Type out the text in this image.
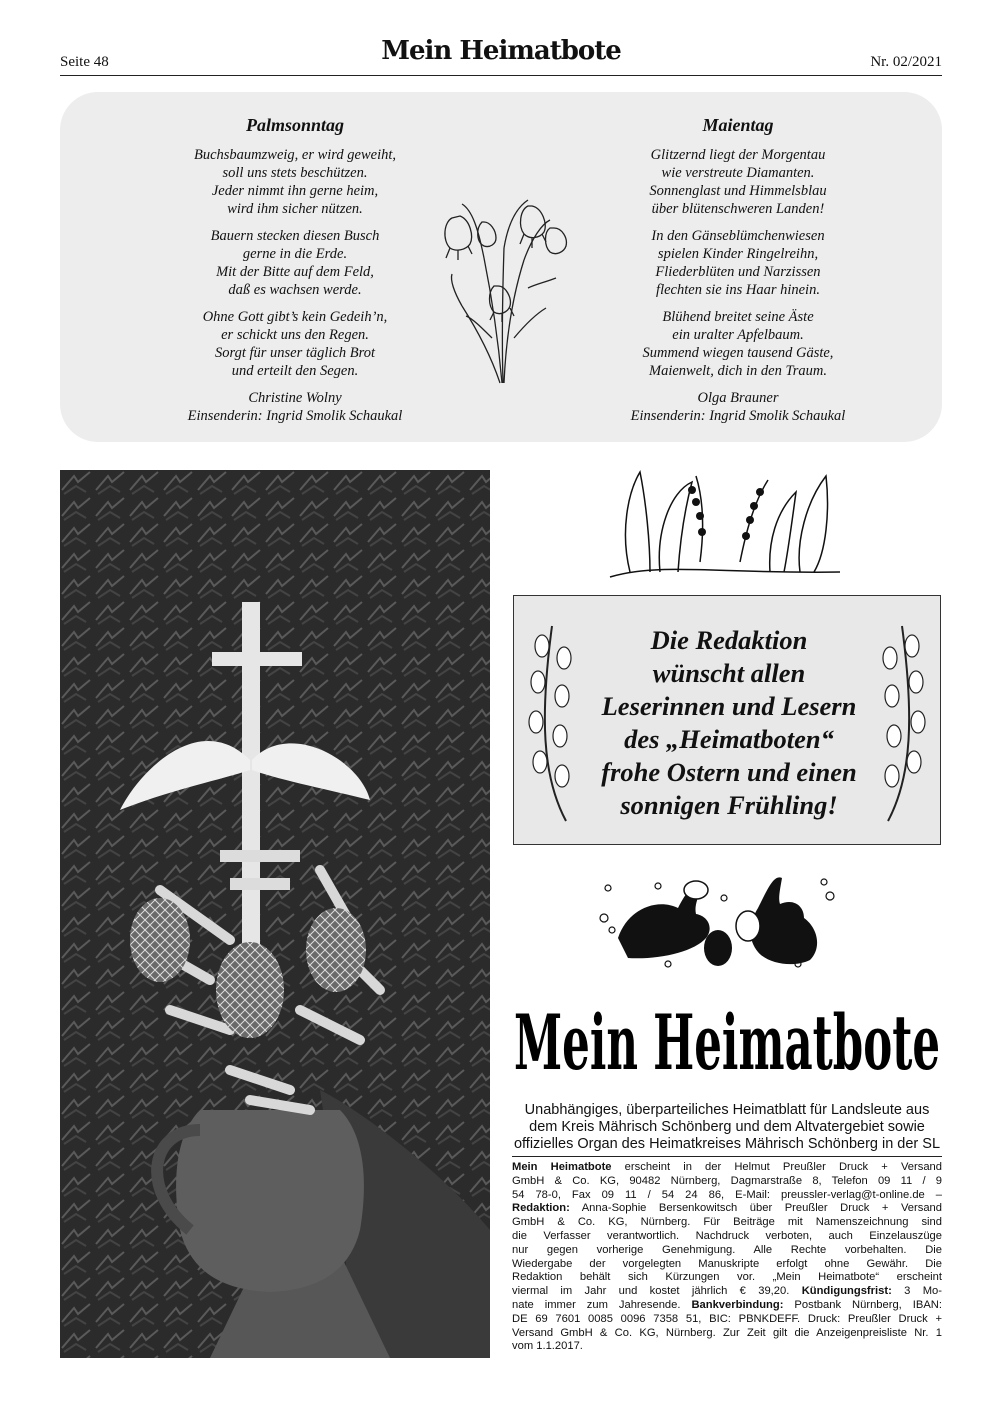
Seite 48	Mein Heimatbote	Nr. 02/2021
Palmsonntag
Buchsbaumzweig, er wird geweiht,
soll uns stets beschützen.
Jeder nimmt ihn gerne heim,
wird ihm sicher nützen.
Bauern stecken diesen Busch
gerne in die Erde.
Mit der Bitte auf dem Feld,
daß es wachsen werde.
Ohne Gott gibt’s kein Gedeih’n,
er schickt uns den Regen.
Sorgt für unser täglich Brot
und erteilt den Segen.
Christine Wolny
Einsenderin: Ingrid Smolik Schaukal
Maientag
Glitzernd liegt der Morgentau
wie verstreute Diamanten.
Sonnenglast und Himmelsblau
über blütenschweren Landen!
In den Gänseblümchenwiesen
spielen Kinder Ringelreihn,
Fliederblüten und Narzissen
flechten sie ins Haar hinein.
Blühend breitet seine Äste
ein uralter Apfelbaum.
Summend wiegen tausend Gäste,
Maienwelt, dich in den Traum.
Olga Brauner
Einsenderin: Ingrid Smolik Schaukal
Die Redaktion
wünscht allen
Leserinnen und Lesern
des „Heimatboten“
frohe Ostern und einen
sonnigen Frühling!
Mein Heimatbote
Unabhängiges, überparteiliches Heimatblatt für Landsleute aus
dem Kreis Mährisch Schönberg und dem Altvatergebiet sowie
offizielles Organ des Heimatkreises Mährisch Schönberg in der SL
Mein Heimatbote erscheint in der Helmut Preußler Druck + Versand
GmbH & Co. KG, 90482 Nürnberg, Dagmarstraße 8, Telefon 09 11 / 9
54 78-0, Fax 09 11 / 54 24 86, E-Mail: preussler-verlag@t-online.de –
Redaktion: Anna-Sophie Bersenkowitsch über Preußler Druck + Versand
GmbH & Co. KG, Nürnberg. Für Beiträge mit Namenszeichnung sind
die Verfasser verantwortlich. Nachdruck verboten, auch Einzelauszüge
nur gegen vorherige Genehmigung. Alle Rechte vorbehalten. Die
Wiedergabe der vorgelegten Manuskripte erfolgt ohne Gewähr. Die
Redaktion behält sich Kürzungen vor. „Mein Heimatbote“ erscheint
viermal im Jahr und kostet jährlich € 39,20. Kündigungsfrist: 3 Mo-
nate immer zum Jahresende. Bankverbindung: Postbank Nürnberg, IBAN:
DE 69 7601 0085 0096 7358 51, BIC: PBNKDEFF. Druck: Preußler Druck +
Versand GmbH & Co. KG, Nürnberg. Zur Zeit gilt die Anzeigenpreisliste Nr. 1
vom 1.1.2017.
